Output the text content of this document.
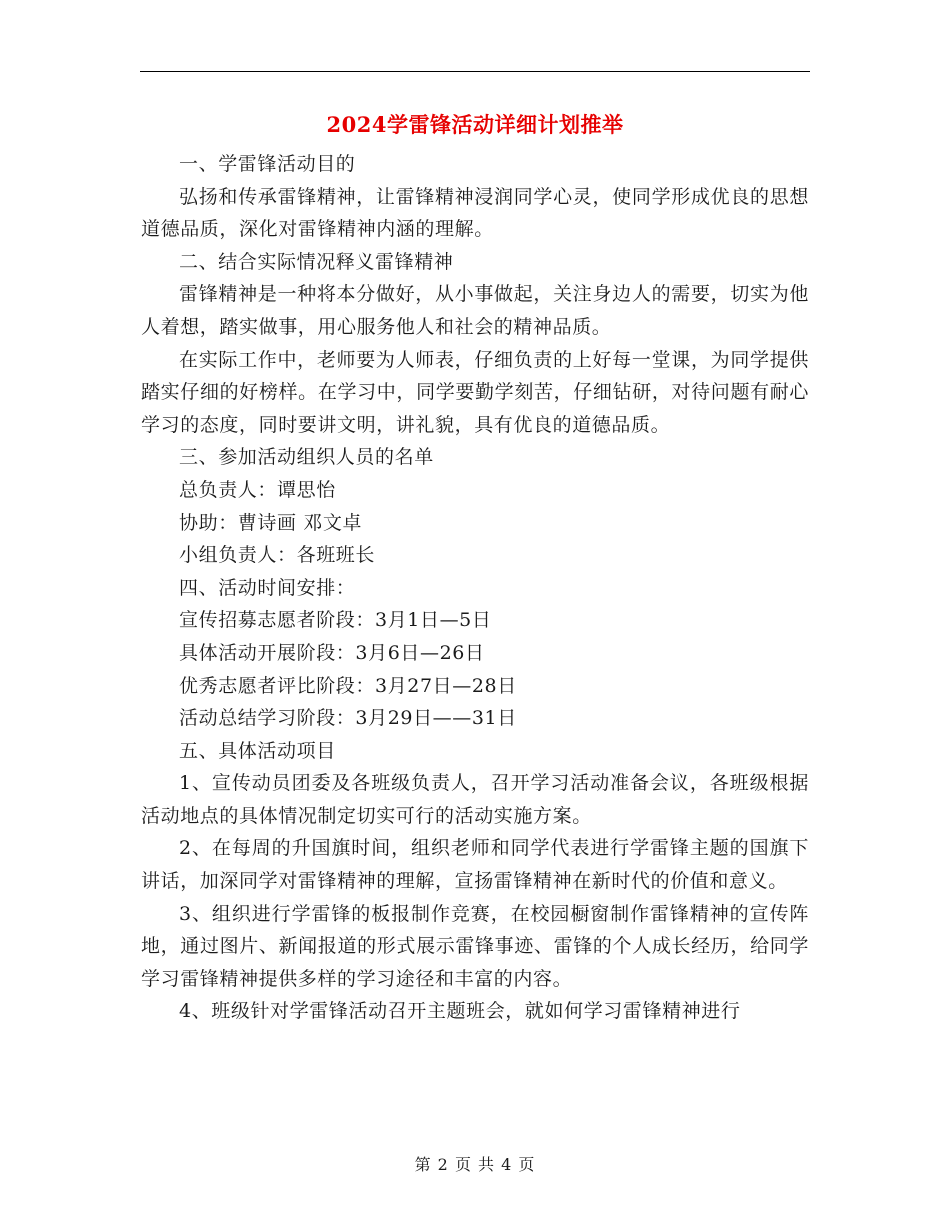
2024学雷锋活动详细计划推举

一、学雷锋活动目的

弘扬和传承雷锋精神，让雷锋精神浸润同学心灵，使同学形成优良的思想道德品质，深化对雷锋精神内涵的理解。

二、结合实际情况释义雷锋精神

雷锋精神是一种将本分做好，从小事做起，关注身边人的需要，切实为他人着想，踏实做事，用心服务他人和社会的精神品质。

在实际工作中，老师要为人师表，仔细负责的上好每一堂课，为同学提供踏实仔细的好榜样。在学习中，同学要勤学刻苦，仔细钻研，对待问题有耐心学习的态度，同时要讲文明，讲礼貌，具有优良的道德品质。

三、参加活动组织人员的名单

总负责人：谭思怡

协助：曹诗画 邓文卓

小组负责人：各班班长

四、活动时间安排：

宣传招募志愿者阶段：3月1日—5日

具体活动开展阶段：3月6日—26日

优秀志愿者评比阶段：3月27日—28日

活动总结学习阶段：3月29日——31日

五、具体活动项目

1、宣传动员团委及各班级负责人，召开学习活动准备会议，各班级根据活动地点的具体情况制定切实可行的活动实施方案。

2、在每周的升国旗时间，组织老师和同学代表进行学雷锋主题的国旗下讲话，加深同学对雷锋精神的理解，宣扬雷锋精神在新时代的价值和意义。

3、组织进行学雷锋的板报制作竞赛，在校园橱窗制作雷锋精神的宣传阵地，通过图片、新闻报道的形式展示雷锋事迹、雷锋的个人成长经历，给同学学习雷锋精神提供多样的学习途径和丰富的内容。

4、班级针对学雷锋活动召开主题班会，就如何学习雷锋精神进行

第 2 页 共 4 页
